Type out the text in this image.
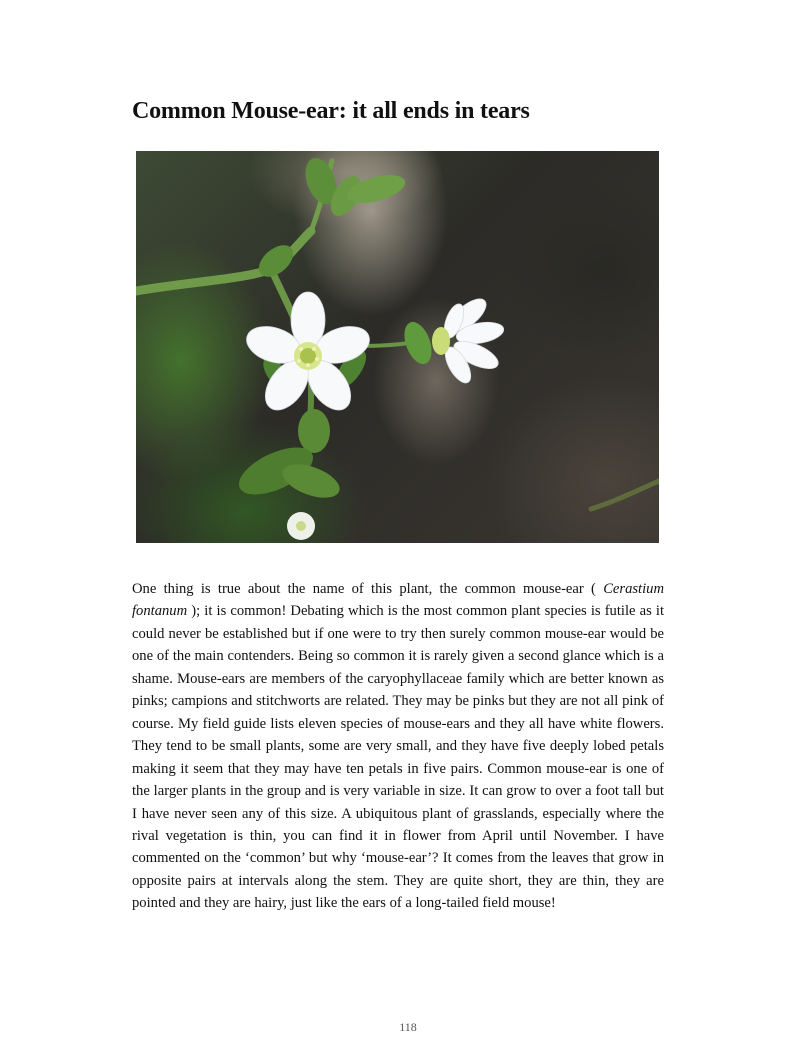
Common Mouse-ear: it all ends in tears

One thing is true about the name of this plant, the common mouse-ear ( Cerastium fontanum ); it is common! Debating which is the most common plant species is futile as it could never be established but if one were to try then surely common mouse-ear would be one of the main contenders. Being so common it is rarely given a second glance which is a shame. Mouse-ears are members of the caryophyllaceae family which are better known as pinks; campions and stitchworts are related. They may be pinks but they are not all pink of course. My field guide lists eleven species of mouse-ears and they all have white flowers. They tend to be small plants, some are very small, and they have five deeply lobed petals making it seem that they may have ten petals in five pairs. Common mouse-ear is one of the larger plants in the group and is very variable in size. It can grow to over a foot tall but I have never seen any of this size. A ubiquitous plant of grasslands, especially where the rival vegetation is thin, you can find it in flower from April until November. I have commented on the ‘common’ but why ‘mouse-ear’? It comes from the leaves that grow in opposite pairs at intervals along the stem. They are quite short, they are thin, they are pointed and they are hairy, just like the ears of a long-tailed field mouse!

118
